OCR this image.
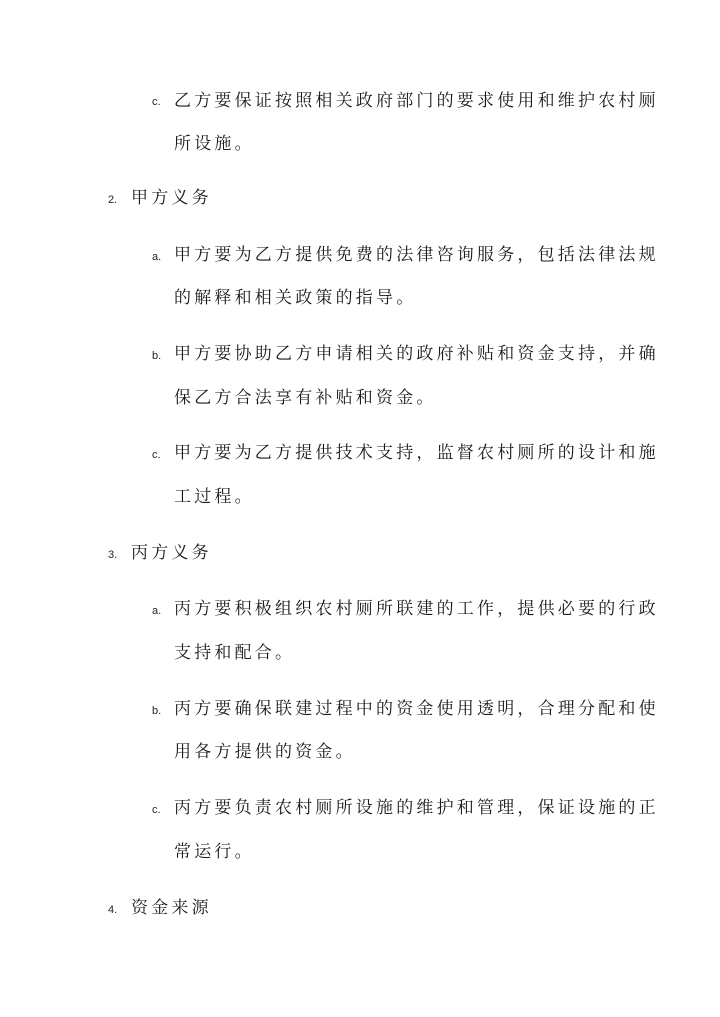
c. 乙方要保证按照相关政府部门的要求使用和维护农村厕
所设施。
2. 甲方义务
a. 甲方要为乙方提供免费的法律咨询服务，包括法律法规
的解释和相关政策的指导。
b. 甲方要协助乙方申请相关的政府补贴和资金支持，并确
保乙方合法享有补贴和资金。
c. 甲方要为乙方提供技术支持，监督农村厕所的设计和施
工过程。
3. 丙方义务
a. 丙方要积极组织农村厕所联建的工作，提供必要的行政
支持和配合。
b. 丙方要确保联建过程中的资金使用透明，合理分配和使
用各方提供的资金。
c. 丙方要负责农村厕所设施的维护和管理，保证设施的正
常运行。
4. 资金来源
